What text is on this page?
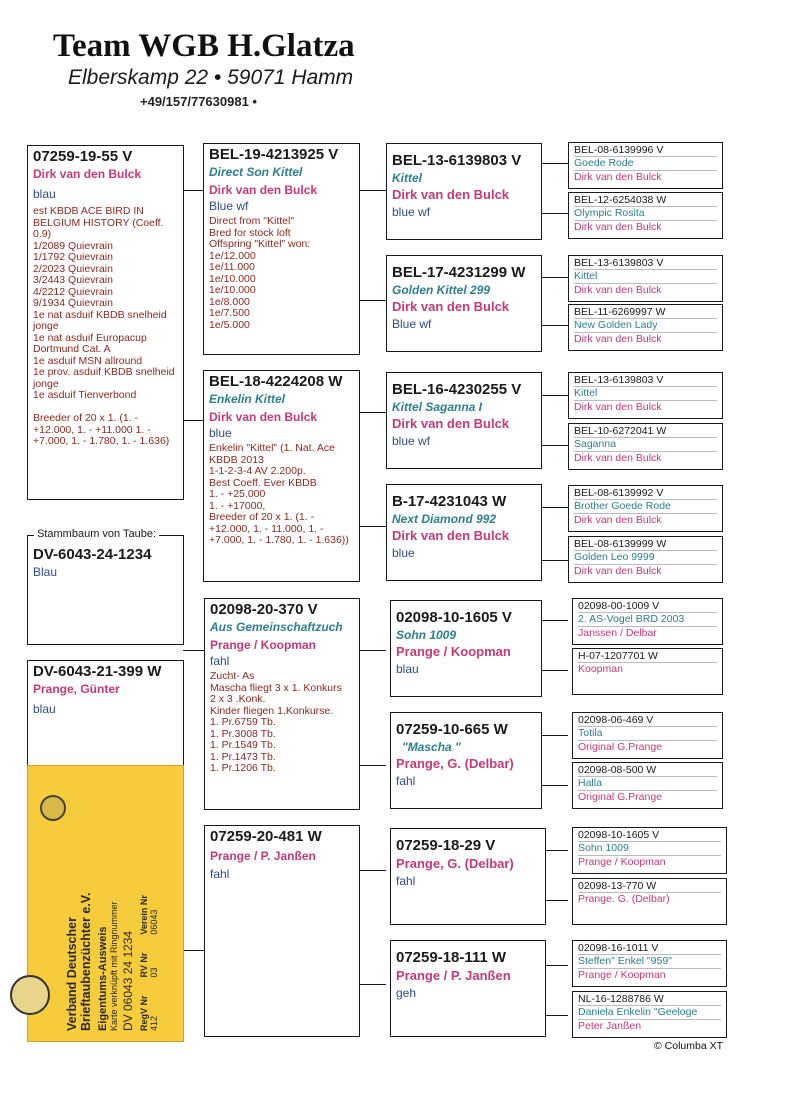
Team WGB H.Glatza
Elberskamp 22 • 59071 Hamm
+49/157/77630981 •
07259-19-55 V
Dirk van den Bulck
blau
est KBDB ACE BIRD IN BELGIUM HISTORY (Coeff. 0.9)
1/2089 Quievrain
1/1792 Quievrain
2/2023 Quievrain
3/2443 Quievrain
4/2212 Quievrain
9/1934 Quievrain
1e nat asduif KBDB snelheid jonge
1e nat asduif Europacup Dortmund Cat. A
1e asduif MSN allround
1e prov. asduif KBDB snelheid jonge
1e asduif Tienverbond

Breeder of 20 x 1. (1. - +12.000, 1. - +11.000 1. - +7.000, 1. - 1.780, 1. - 1.636)
DV-6043-24-1234
Blau
Stammbaum von Taube:
DV-6043-21-399 W
Prange, Günter
blau
Verband Deutscher Brieftaubenzüchter e.V. Eigentums-Ausweis Karte verknüpft mit Ringnummer DV 06043 24 1234 RegV Nr 412
RV Nr 03
Verein Nr 06043
BEL-19-4213925 V
Direct Son Kittel
Dirk van den Bulck
Blue wf
Direct from "Kittel"
Bred for stock loft
Offspring "Kittel" won:
1e/12.000
1e/11.000
1e/10.000
1e/10.000
1e/8.000
1e/7.500
1e/5.000
BEL-18-4224208 W
Enkelin Kittel
Dirk van den Bulck
blue
Enkelin "Kittel" (1. Nat. Ace KBDB 2013
1-1-2-3-4 AV 2.200p.
Best Coeff. Ever KBDB
1. - +25.000
1. - +17000,
Breeder of 20 x 1. (1. - +12.000, 1. - 11.000, 1. - +7.000, 1. - 1.780, 1. - 1.636))
02098-20-370 V
Aus Gemeinschaftzuch
Prange / Koopman
fahl
Zucht- As
Mascha fliegt 3 x 1. Konkurs
2 x 3 .Konk.
Kinder fliegen 1.Konkurse.
1. Pr.6759 Tb.
1. Pr.3008 Tb.
1. Pr.1549 Tb.
1. Pr.1473 Tb.
1. Pr.1206 Tb.
07259-20-481 W
Prange / P. Janßen
fahl
BEL-13-6139803 V
Kittel
Dirk van den Bulck
blue wf
BEL-17-4231299 W
Golden Kittel 299
Dirk van den Bulck
Blue wf
BEL-16-4230255 V
Kittel Saganna I
Dirk van den Bulck
blue wf
B-17-4231043 W
Next Diamond 992
Dirk van den Bulck
blue
02098-10-1605 V
Sohn 1009
Prange / Koopman
blau
07259-10-665 W
"Mascha "
Prange, G. (Delbar)
fahl
07259-18-29 V
Prange, G. (Delbar)
fahl
07259-18-111 W
Prange / P. Janßen
geh
BEL-08-6139996 V
Goede Rode
Dirk van den Bulck
BEL-12-6254038 W
Olympic Rosita
Dirk van den Bulck
BEL-13-6139803 V
Kittel
Dirk van den Bulck
BEL-11-6269997 W
New Golden Lady
Dirk van den Bulck
BEL-13-6139803 V
Kittel
Dirk van den Bulck
BEL-10-6272041 W
Saganna
Dirk van den Bulck
BEL-08-6139992 V
Brother Goede Rode
Dirk van den Bulck
BEL-08-6139999 W
Golden Leo 9999
Dirk van den Bulck
02098-00-1009 V
2. AS-Vogel BRD 2003
Janssen / Delbar
H-07-1207701 W
Koopman
02098-06-469 V
Totila
Original G.Prange
02098-08-500 W
Halla
Original G.Prange
02098-10-1605 V
Sohn 1009
Prange / Koopman
02098-13-770 W
Prange. G. (Delbar)
02098-16-1011 V
Steffen" Enkel "959"
Prange / Koopman
NL-16-1288786 W
Daniela Enkelin "Geeloge
Peter Janßen
© Columba XT
